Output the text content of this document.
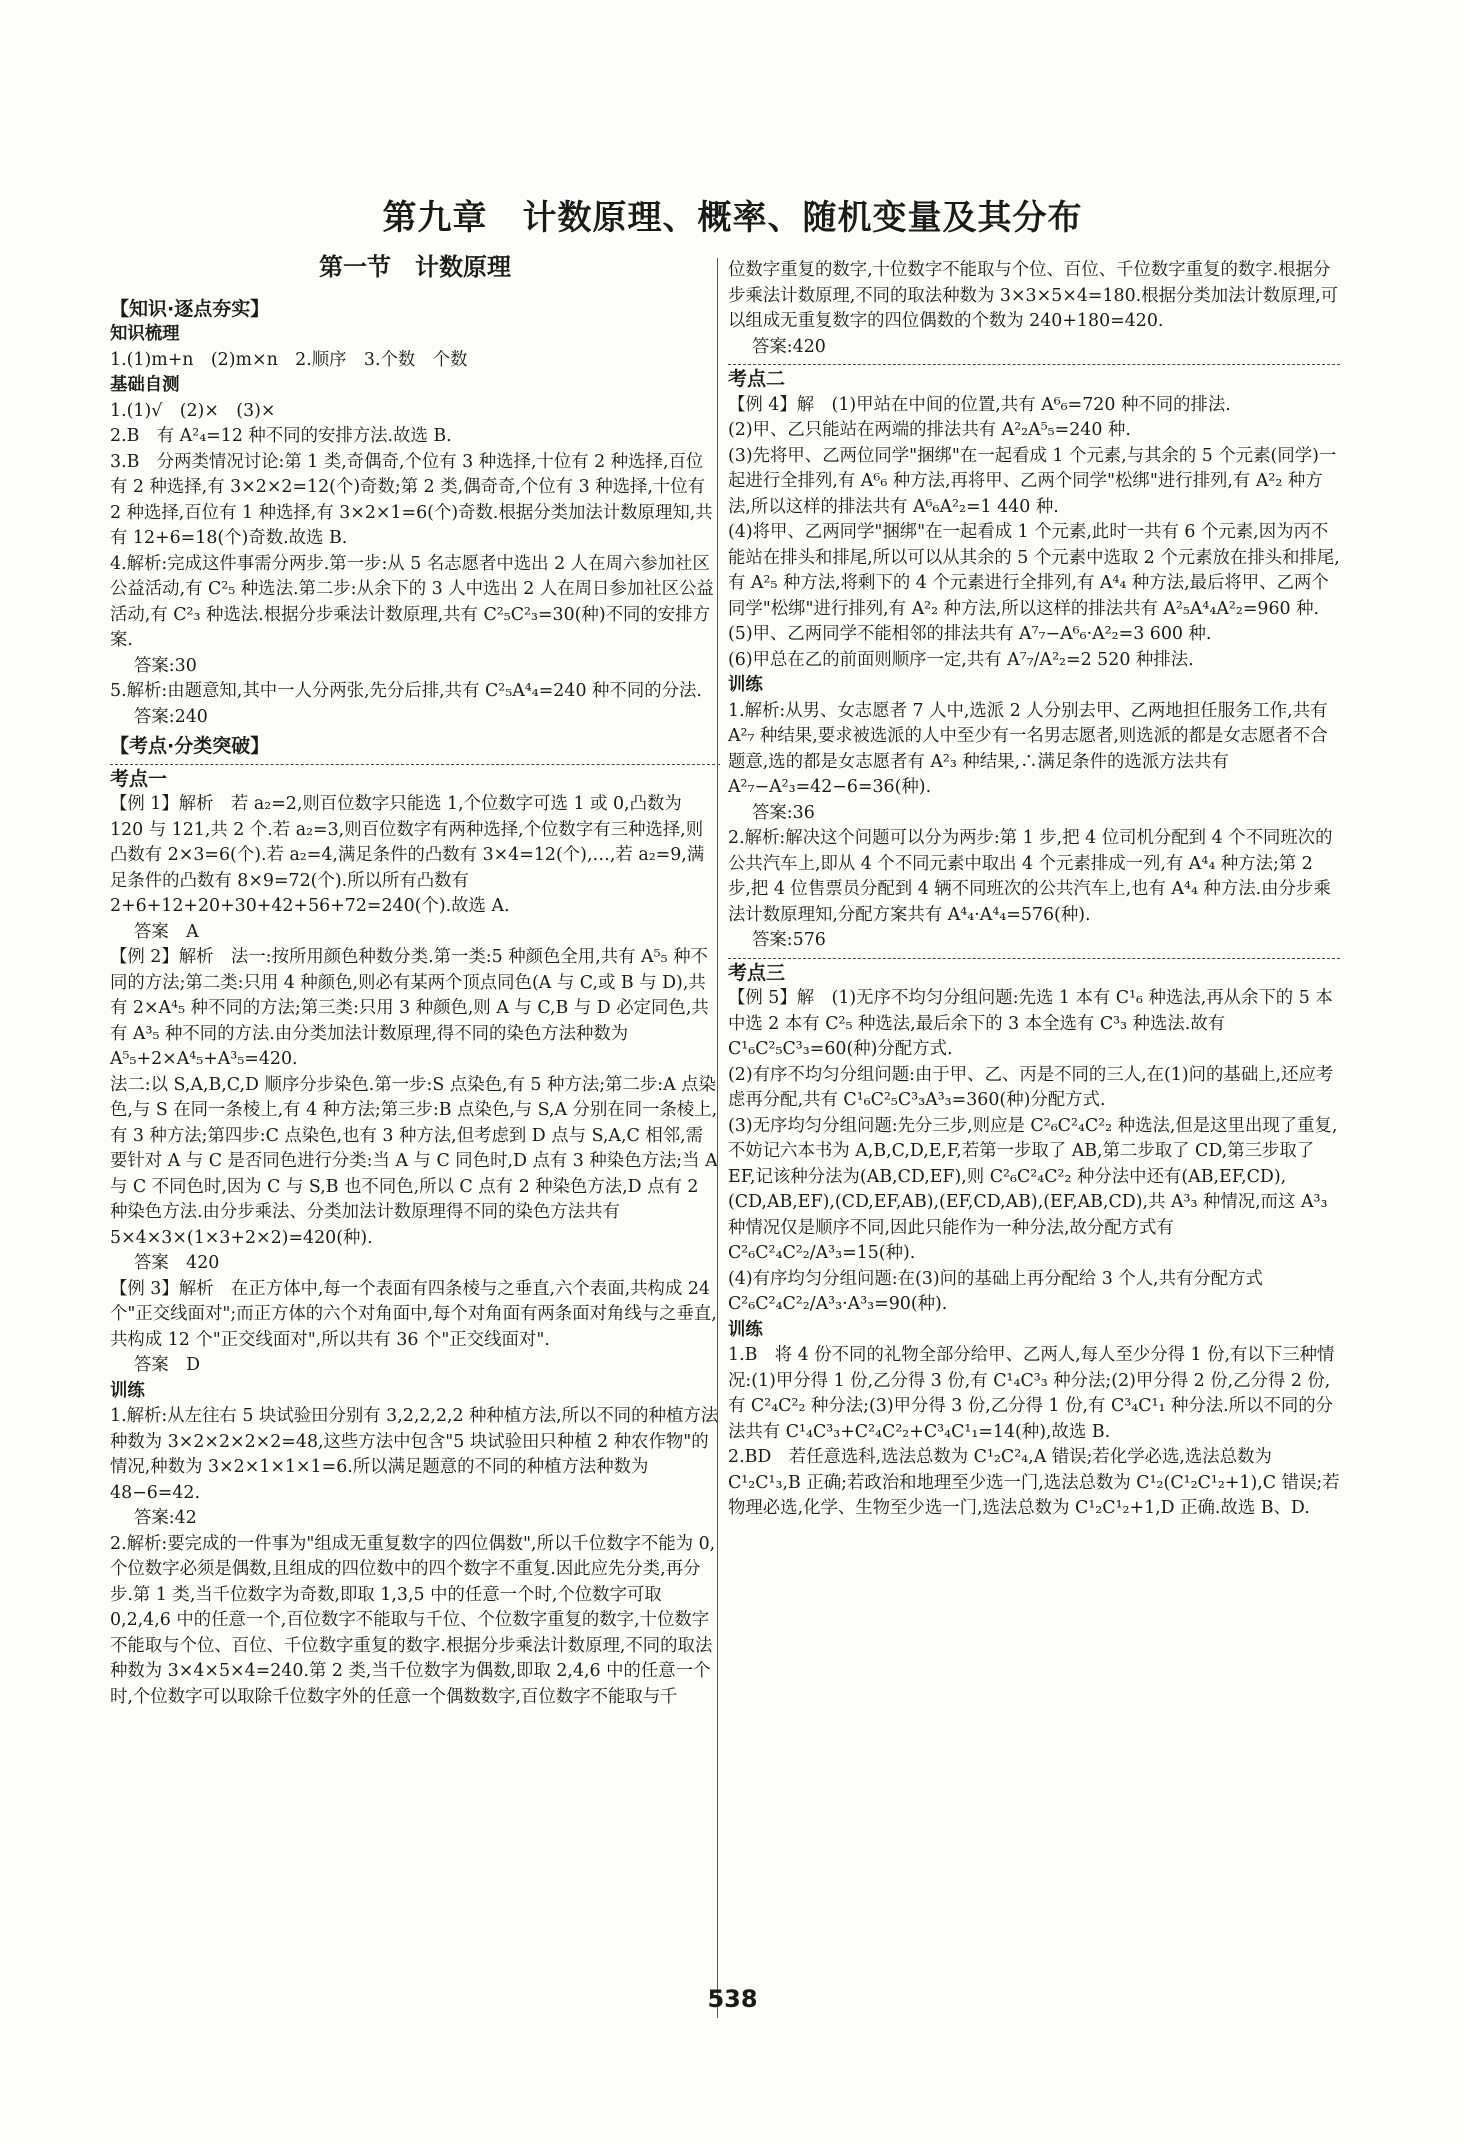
第九章　计数原理、概率、随机变量及其分布
第一节　计数原理
【知识·逐点夯实】
知识梳理

1.(1)m+n　(2)m×n　2.顺序　3.个数　个数

基础自测

1.(1)√　(2)×　(3)×

2.B　有 A²₄=12 种不同的安排方法.故选 B.

3.B　分两类情况讨论:第 1 类,奇偶奇,个位有 3 种选择,十位有 2 种选择,百位有 2 种选择,有 3×2×2=12(个)奇数;第 2 类,偶奇奇,个位有 3 种选择,十位有 2 种选择,百位有 1 种选择,有 3×2×1=6(个)奇数.根据分类加法计数原理知,共有 12+6=18(个)奇数.故选 B.

4.解析:完成这件事需分两步.第一步:从 5 名志愿者中选出 2 人在周六参加社区公益活动,有 C²₅ 种选法.第二步:从余下的 3 人中选出 2 人在周日参加社区公益活动,有 C²₃ 种选法.根据分步乘法计数原理,共有 C²₅C²₃=30(种)不同的安排方案.

答案:30

5.解析:由题意知,其中一人分两张,先分后排,共有 C²₅A⁴₄=240 种不同的分法.

答案:240

【考点·分类突破】
考点一

【例 1】解析　若 a₂=2,则百位数字只能选 1,个位数字可选 1 或 0,凸数为 120 与 121,共 2 个.若 a₂=3,则百位数字有两种选择,个位数字有三种选择,则凸数有 2×3=6(个).若 a₂=4,满足条件的凸数有 3×4=12(个),…,若 a₂=9,满足条件的凸数有 8×9=72(个).所以所有凸数有 2+6+12+20+30+42+56+72=240(个).故选 A.

答案　A

【例 2】解析　法一:按所用颜色种数分类.第一类:5 种颜色全用,共有 A⁵₅ 种不同的方法;第二类:只用 4 种颜色,则必有某两个顶点同色(A 与 C,或 B 与 D),共有 2×A⁴₅ 种不同的方法;第三类:只用 3 种颜色,则 A 与 C,B 与 D 必定同色,共有 A³₅ 种不同的方法.由分类加法计数原理,得不同的染色方法种数为 A⁵₅+2×A⁴₅+A³₅=420.

法二:以 S,A,B,C,D 顺序分步染色.第一步:S 点染色,有 5 种方法;第二步:A 点染色,与 S 在同一条棱上,有 4 种方法;第三步:B 点染色,与 S,A 分别在同一条棱上,有 3 种方法;第四步:C 点染色,也有 3 种方法,但考虑到 D 点与 S,A,C 相邻,需要针对 A 与 C 是否同色进行分类:当 A 与 C 同色时,D 点有 3 种染色方法;当 A 与 C 不同色时,因为 C 与 S,B 也不同色,所以 C 点有 2 种染色方法,D 点有 2 种染色方法.由分步乘法、分类加法计数原理得不同的染色方法共有 5×4×3×(1×3+2×2)=420(种).

答案　420

【例 3】解析　在正方体中,每一个表面有四条棱与之垂直,六个表面,共构成 24 个"正交线面对";而正方体的六个对角面中,每个对角面有两条面对角线与之垂直,共构成 12 个"正交线面对",所以共有 36 个"正交线面对".

答案　D

训练

1.解析:从左往右 5 块试验田分别有 3,2,2,2,2 种种植方法,所以不同的种植方法种数为 3×2×2×2×2=48,这些方法中包含"5 块试验田只种植 2 种农作物"的情况,种数为 3×2×1×1×1=6.所以满足题意的不同的种植方法种数为 48−6=42.

答案:42

2.解析:要完成的一件事为"组成无重复数字的四位偶数",所以千位数字不能为 0,个位数字必须是偶数,且组成的四位数中的四个数字不重复.因此应先分类,再分步.第 1 类,当千位数字为奇数,即取 1,3,5 中的任意一个时,个位数字可取 0,2,4,6 中的任意一个,百位数字不能取与千位、个位数字重复的数字,十位数字不能取与个位、百位、千位数字重复的数字.根据分步乘法计数原理,不同的取法种数为 3×4×5×4=240.第 2 类,当千位数字为偶数,即取 2,4,6 中的任意一个时,个位数字可以取除千位数字外的任意一个偶数数字,百位数字不能取与千

位数字重复的数字,十位数字不能取与个位、百位、千位数字重复的数字.根据分步乘法计数原理,不同的取法种数为 3×3×5×4=180.根据分类加法计数原理,可以组成无重复数字的四位偶数的个数为 240+180=420.

答案:420

考点二

【例 4】解　(1)甲站在中间的位置,共有 A⁶₆=720 种不同的排法.

(2)甲、乙只能站在两端的排法共有 A²₂A⁵₅=240 种.

(3)先将甲、乙两位同学"捆绑"在一起看成 1 个元素,与其余的 5 个元素(同学)一起进行全排列,有 A⁶₆ 种方法,再将甲、乙两个同学"松绑"进行排列,有 A²₂ 种方法,所以这样的排法共有 A⁶₆A²₂=1 440 种.

(4)将甲、乙两同学"捆绑"在一起看成 1 个元素,此时一共有 6 个元素,因为丙不能站在排头和排尾,所以可以从其余的 5 个元素中选取 2 个元素放在排头和排尾,有 A²₅ 种方法,将剩下的 4 个元素进行全排列,有 A⁴₄ 种方法,最后将甲、乙两个同学"松绑"进行排列,有 A²₂ 种方法,所以这样的排法共有 A²₅A⁴₄A²₂=960 种.

(5)甲、乙两同学不能相邻的排法共有 A⁷₇−A⁶₆·A²₂=3 600 种.

(6)甲总在乙的前面则顺序一定,共有 A⁷₇/A²₂=2 520 种排法.

训练

1.解析:从男、女志愿者 7 人中,选派 2 人分别去甲、乙两地担任服务工作,共有 A²₇ 种结果,要求被选派的人中至少有一名男志愿者,则选派的都是女志愿者不合题意,选的都是女志愿者有 A²₃ 种结果,∴满足条件的选派方法共有 A²₇−A²₃=42−6=36(种).

答案:36

2.解析:解决这个问题可以分为两步:第 1 步,把 4 位司机分配到 4 个不同班次的公共汽车上,即从 4 个不同元素中取出 4 个元素排成一列,有 A⁴₄ 种方法;第 2 步,把 4 位售票员分配到 4 辆不同班次的公共汽车上,也有 A⁴₄ 种方法.由分步乘法计数原理知,分配方案共有 A⁴₄·A⁴₄=576(种).

答案:576

考点三

【例 5】解　(1)无序不均匀分组问题:先选 1 本有 C¹₆ 种选法,再从余下的 5 本中选 2 本有 C²₅ 种选法,最后余下的 3 本全选有 C³₃ 种选法.故有 C¹₆C²₅C³₃=60(种)分配方式.

(2)有序不均匀分组问题:由于甲、乙、丙是不同的三人,在(1)问的基础上,还应考虑再分配,共有 C¹₆C²₅C³₃A³₃=360(种)分配方式.

(3)无序均匀分组问题:先分三步,则应是 C²₆C²₄C²₂ 种选法,但是这里出现了重复,不妨记六本书为 A,B,C,D,E,F,若第一步取了 AB,第二步取了 CD,第三步取了 EF,记该种分法为(AB,CD,EF),则 C²₆C²₄C²₂ 种分法中还有(AB,EF,CD),(CD,AB,EF),(CD,EF,AB),(EF,CD,AB),(EF,AB,CD),共 A³₃ 种情况,而这 A³₃ 种情况仅是顺序不同,因此只能作为一种分法,故分配方式有 C²₆C²₄C²₂/A³₃=15(种).

(4)有序均匀分组问题:在(3)问的基础上再分配给 3 个人,共有分配方式 C²₆C²₄C²₂/A³₃·A³₃=90(种).

训练

1.B　将 4 份不同的礼物全部分给甲、乙两人,每人至少分得 1 份,有以下三种情况:(1)甲分得 1 份,乙分得 3 份,有 C¹₄C³₃ 种分法;(2)甲分得 2 份,乙分得 2 份,有 C²₄C²₂ 种分法;(3)甲分得 3 份,乙分得 1 份,有 C³₄C¹₁ 种分法.所以不同的分法共有 C¹₄C³₃+C²₄C²₂+C³₄C¹₁=14(种),故选 B.

2.BD　若任意选科,选法总数为 C¹₂C²₄,A 错误;若化学必选,选法总数为 C¹₂C¹₃,B 正确;若政治和地理至少选一门,选法总数为 C¹₂(C¹₂C¹₂+1),C 错误;若物理必选,化学、生物至少选一门,选法总数为 C¹₂C¹₂+1,D 正确.故选 B、D.

538
